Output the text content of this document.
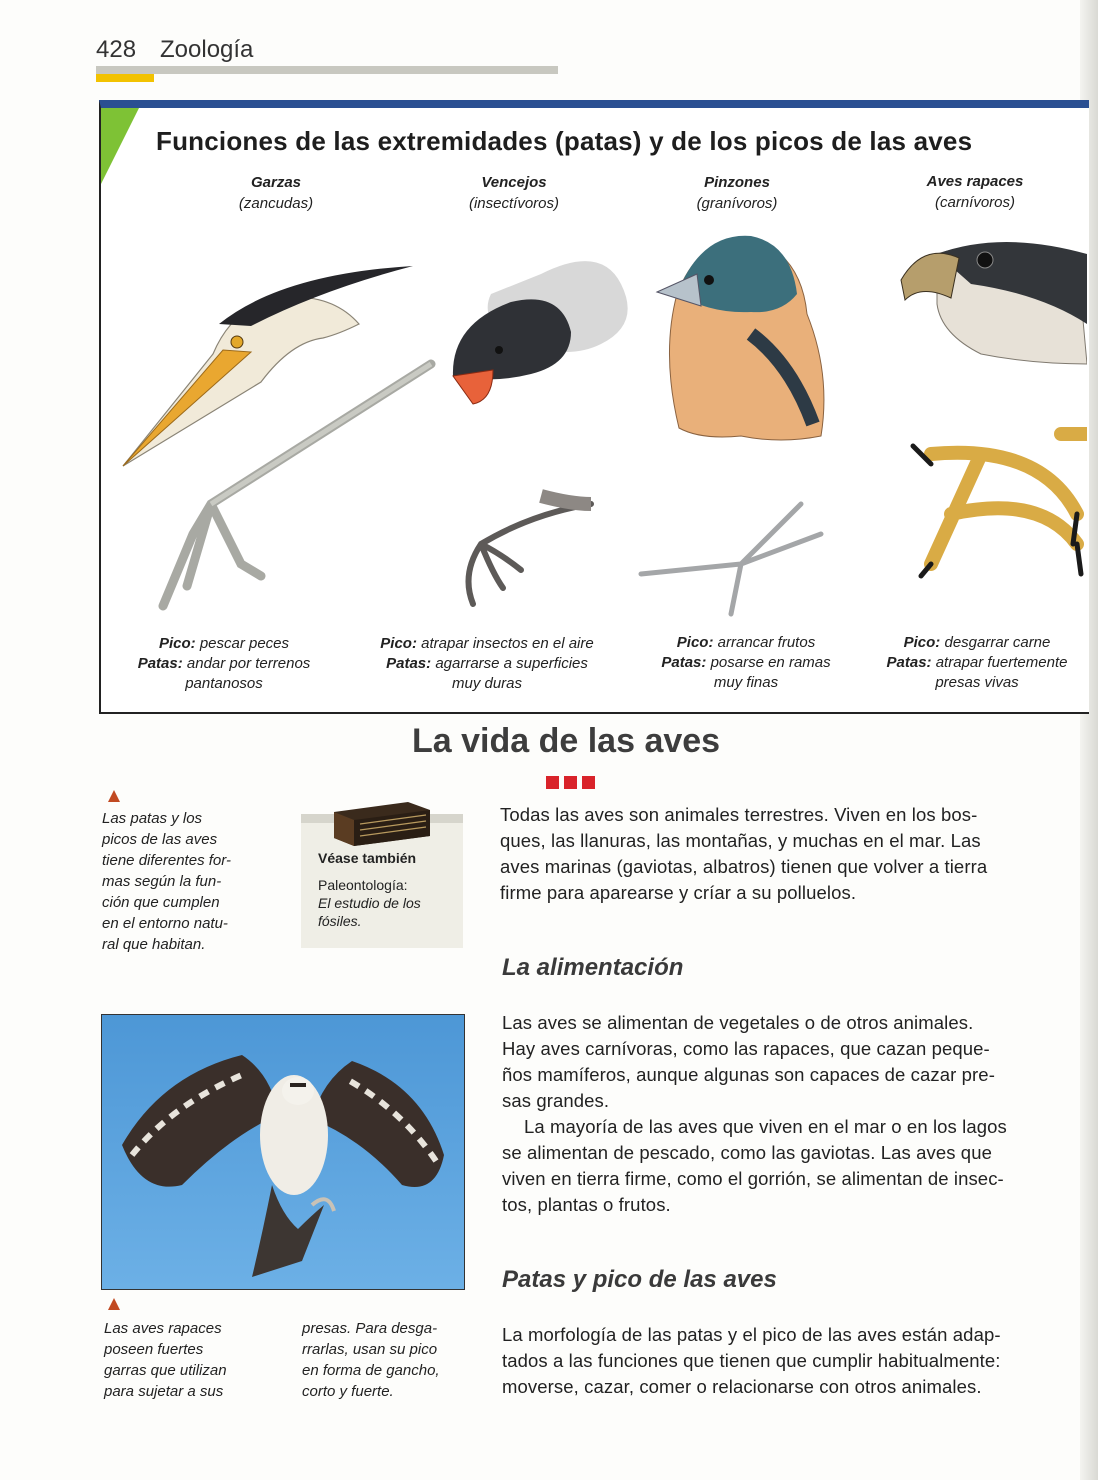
428 Zoología
Funciones de las extremidades (patas) y de los picos de las aves
Garzas
(zancudas)
Vencejos
(insectívoros)
Pinzones
(granívoros)
Aves rapaces
(carnívoros)
Pico: pescar peces
Patas: andar por terrenos
pantanosos
Pico: atrapar insectos en el aire
Patas: agarrarse a superficies
muy duras
Pico: arrancar frutos
Patas: posarse en ramas
muy finas
Pico: desgarrar carne
Patas: atrapar fuertemente
presas vivas
La vida de las aves
Las patas y los
picos de las aves
tiene diferentes for-
mas según la fun-
ción que cumplen
en el entorno natu-
ral que habitan.
Véase también
Paleontología:
El estudio de los
fósiles.
Todas las aves son animales terrestres. Viven en los bos-
ques, las llanuras, las montañas, y muchas en el mar. Las
aves marinas (gaviotas, albatros) tienen que volver a tierra
firme para aparearse y críar a su polluelos.
La alimentación
Las aves se alimentan de vegetales o de otros animales.
Hay aves carnívoras, como las rapaces, que cazan peque-
ños mamíferos, aunque algunas son capaces de cazar pre-
sas grandes.
La mayoría de las aves que viven en el mar o en los lagos
se alimentan de pescado, como las gaviotas. Las aves que
viven en tierra firme, como el gorrión, se alimentan de insec-
tos, plantas o frutos.
Las aves rapaces
poseen fuertes
garras que utilizan
para sujetar a sus
presas. Para desga-
rrarlas, usan su pico
en forma de gancho,
corto y fuerte.
Patas y pico de las aves
La morfología de las patas y el pico de las aves están adap-
tados a las funciones que tienen que cumplir habitualmente:
moverse, cazar, comer o relacionarse con otros animales.
